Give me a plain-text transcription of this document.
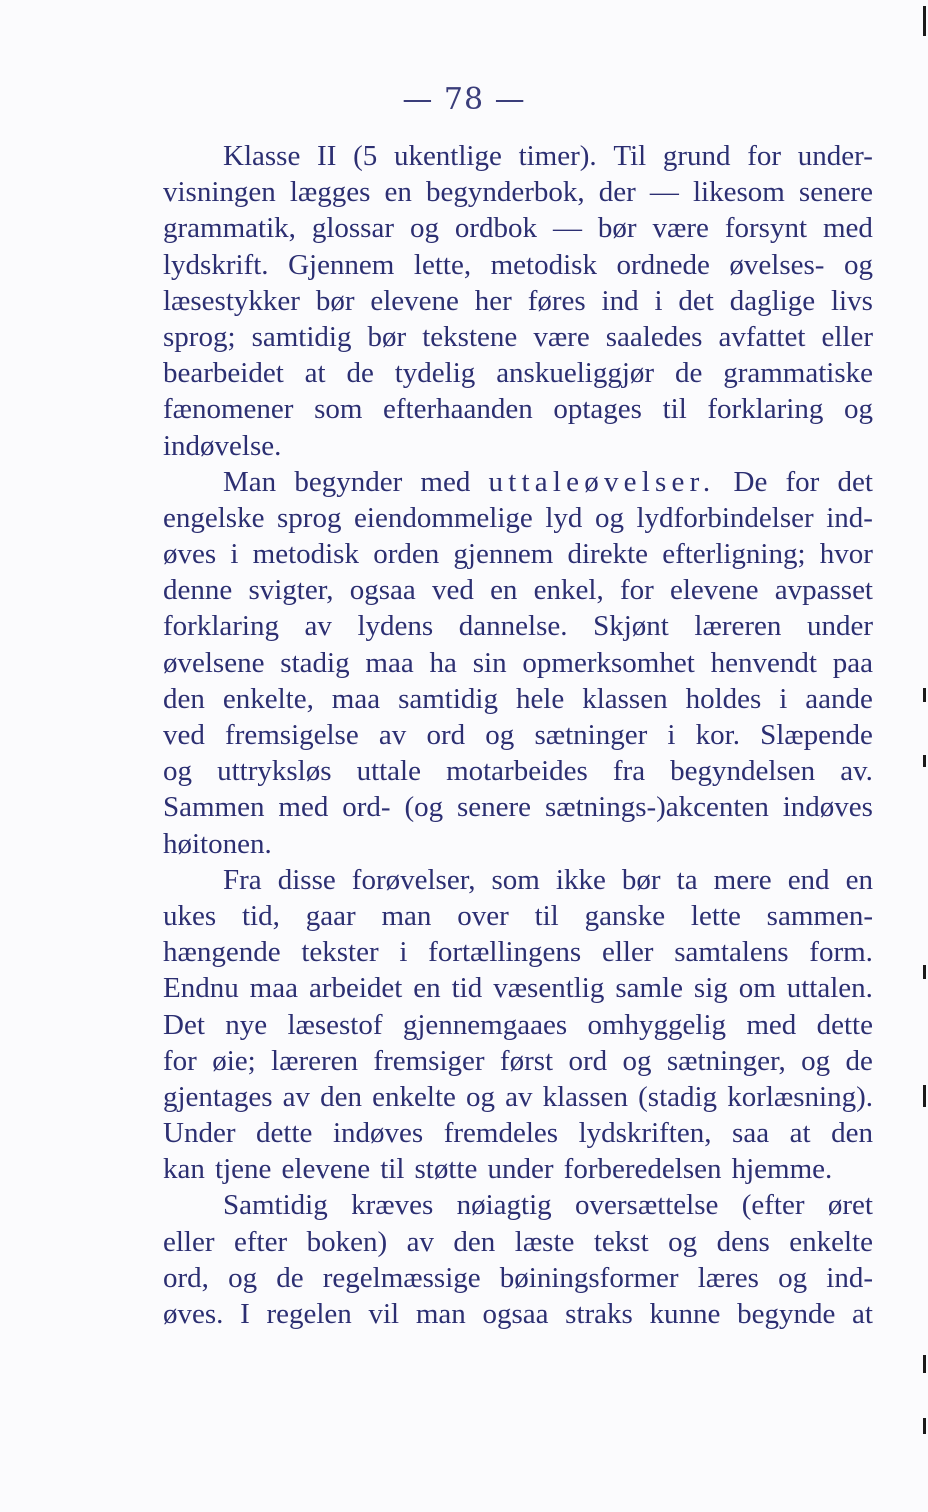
— 78 —
Klasse II (5 ukentlige timer). Til grund for under-
visningen lægges en begynderbok, der — likesom senere
grammatik, glossar og ordbok — bør være forsynt med
lydskrift. Gjennem lette, metodisk ordnede øvelses- og
læsestykker bør elevene her føres ind i det daglige livs
sprog; samtidig bør tekstene være saaledes avfattet eller
bearbeidet at de tydelig anskueliggjør de grammatiske
fænomener som efterhaanden optages til forklaring og
indøvelse.
Man begynder med uttaleøvelser. De for det
engelske sprog eiendommelige lyd og lydforbindelser ind-
øves i metodisk orden gjennem direkte efterligning; hvor
denne svigter, ogsaa ved en enkel, for elevene avpasset
forklaring av lydens dannelse. Skjønt læreren under
øvelsene stadig maa ha sin opmerksomhet henvendt paa
den enkelte, maa samtidig hele klassen holdes i aande
ved fremsigelse av ord og sætninger i kor. Slæpende
og uttryksløs uttale motarbeides fra begyndelsen av.
Sammen med ord- (og senere sætnings-)akcenten indøves
høitonen.
Fra disse forøvelser, som ikke bør ta mere end en
ukes tid, gaar man over til ganske lette sammen-
hængende tekster i fortællingens eller samtalens form.
Endnu maa arbeidet en tid væsentlig samle sig om uttalen.
Det nye læsestof gjennemgaaes omhyggelig med dette
for øie; læreren fremsiger først ord og sætninger, og de
gjentages av den enkelte og av klassen (stadig korlæsning).
Under dette indøves fremdeles lydskriften, saa at den
kan tjene elevene til støtte under forberedelsen hjemme.
Samtidig kræves nøiagtig oversættelse (efter øret
eller efter boken) av den læste tekst og dens enkelte
ord, og de regelmæssige bøiningsformer læres og ind-
øves. I regelen vil man ogsaa straks kunne begynde at
